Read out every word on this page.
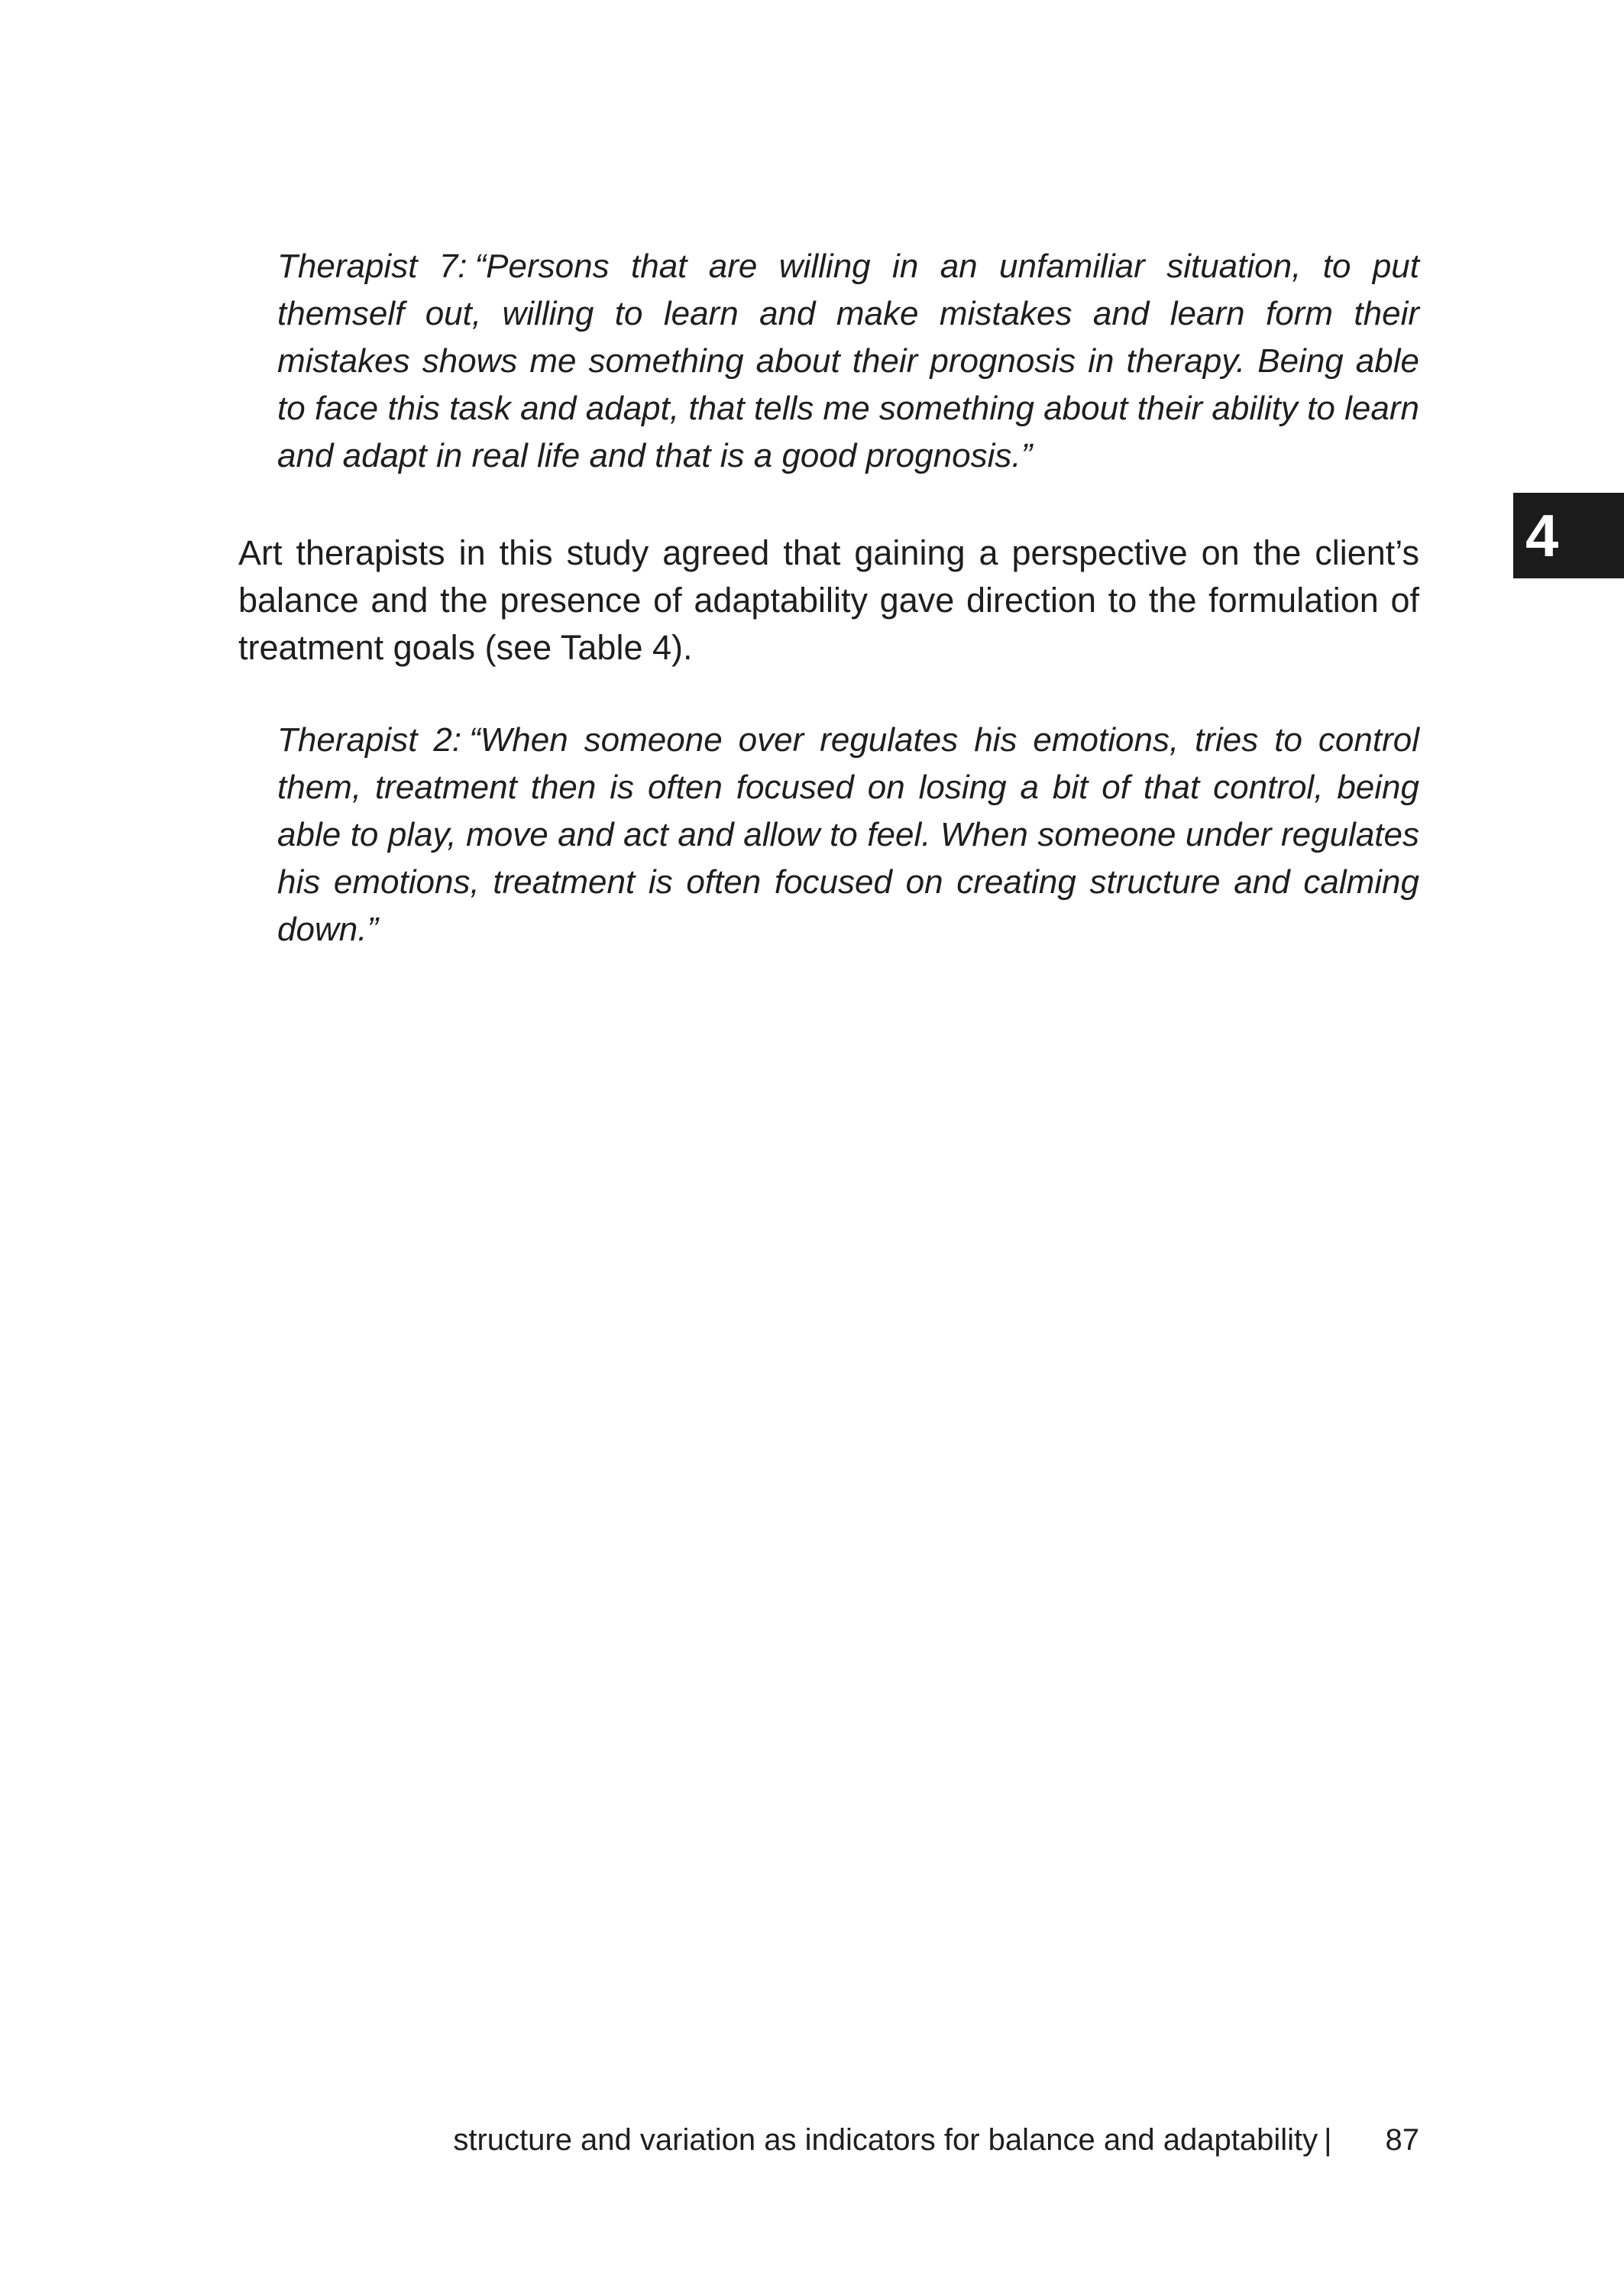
Therapist 7: “Persons that are willing in an unfamiliar situation, to put themself out, willing to learn and make mistakes and learn form their mistakes shows me something about their prognosis in therapy. Being able to face this task and adapt, that tells me something about their ability to learn and adapt in real life and that is a good prognosis.”

Art therapists in this study agreed that gaining a perspective on the client’s balance and the presence of adaptability gave direction to the formulation of treatment goals (see Table 4).

Therapist 2: “When someone over regulates his emotions, tries to control them, treatment then is often focused on losing a bit of that control, being able to play, move and act and allow to feel. When someone under regulates his emotions, treatment is often focused on creating structure and calming down.”

4
structure and variation as indicators for balance and adaptability | 87
